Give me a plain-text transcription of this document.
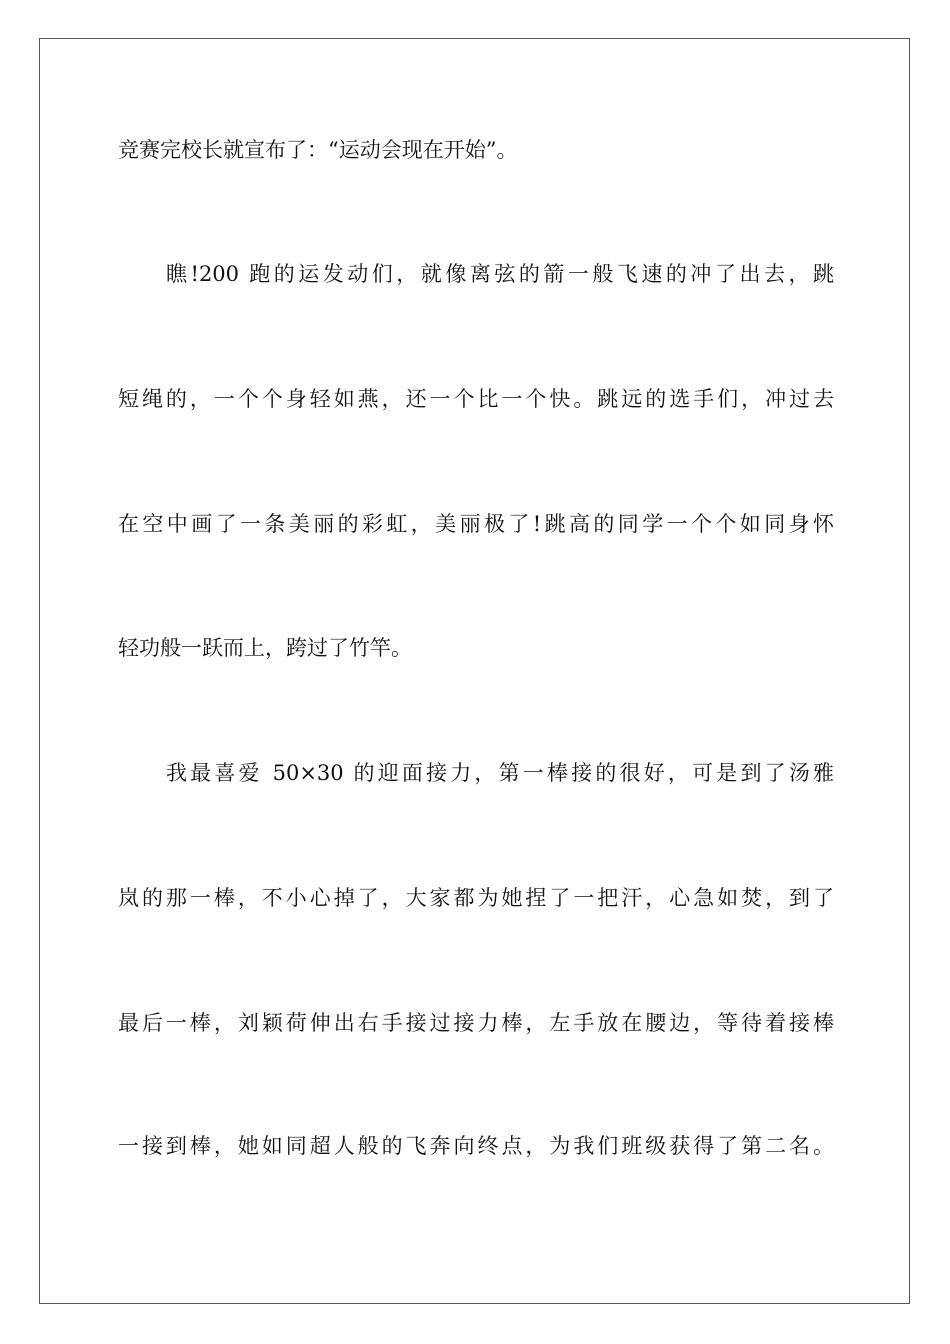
竞赛完校长就宣布了：“运动会现在开始”。

瞧!200 跑的运发动们，就像离弦的箭一般飞速的冲了出去，跳

短绳的，一个个身轻如燕，还一个比一个快。跳远的选手们，冲过去

在空中画了一条美丽的彩虹，美丽极了!跳高的同学一个个如同身怀

轻功般一跃而上，跨过了竹竿。

我最喜爱 50×30 的迎面接力，第一棒接的很好，可是到了汤雅

岚的那一棒，不小心掉了，大家都为她捏了一把汗，心急如焚，到了

最后一棒，刘颖荷伸出右手接过接力棒，左手放在腰边，等待着接棒

一接到棒，她如同超人般的飞奔向终点，为我们班级获得了第二名。
